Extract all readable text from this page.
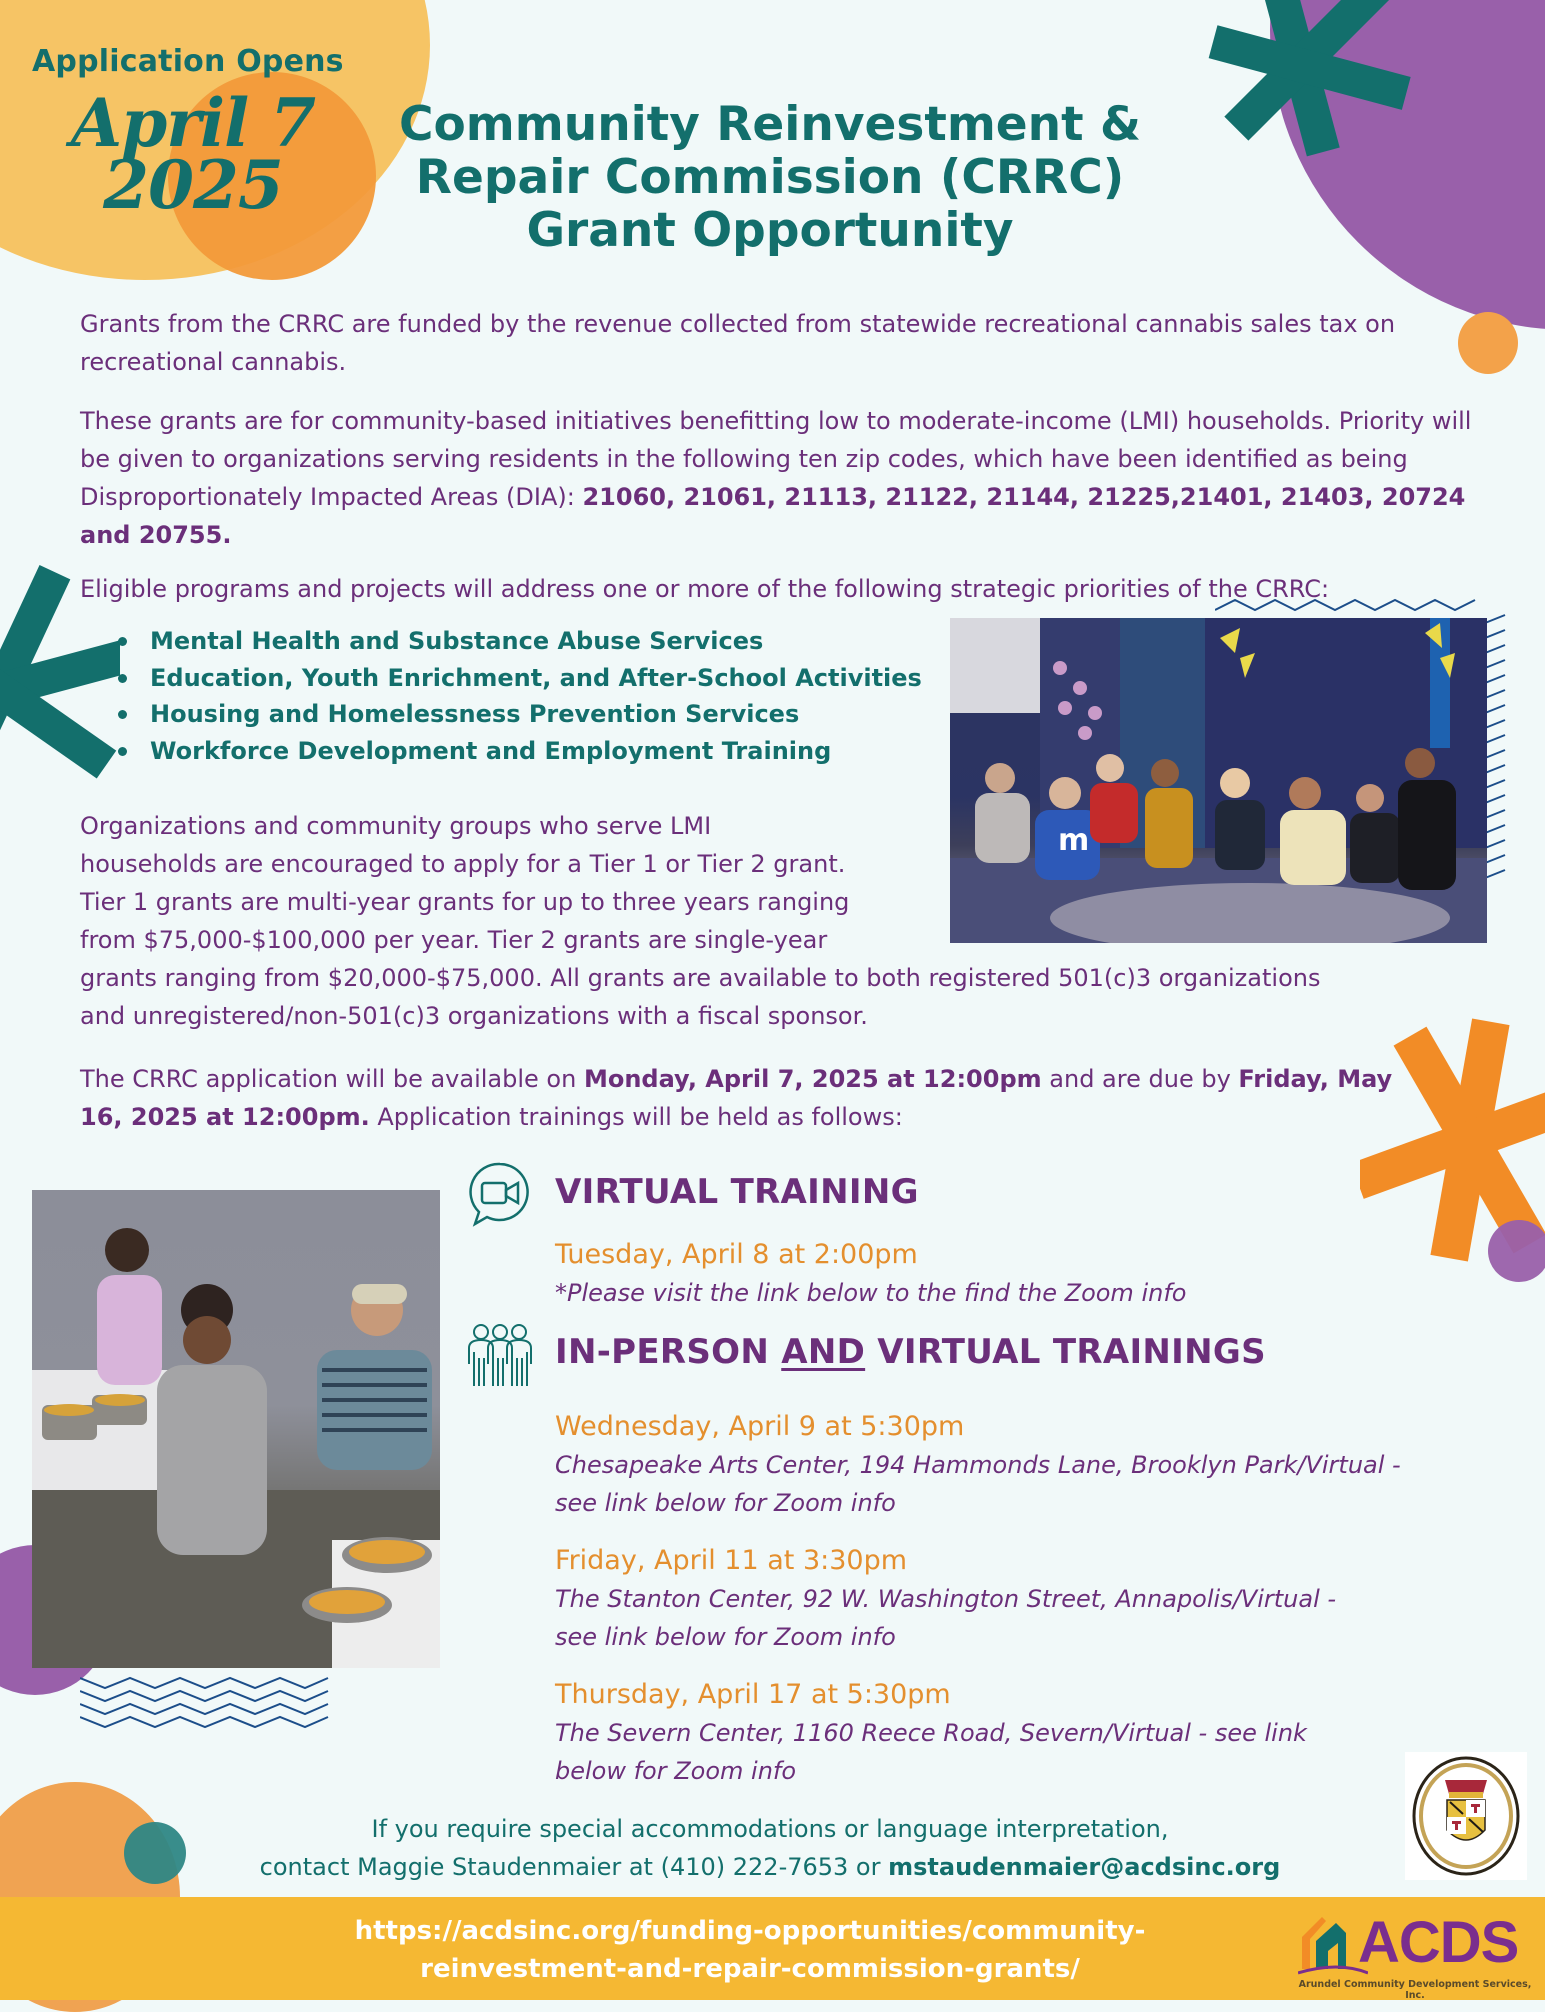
Application Opens
April 7
2025
Community Reinvestment &
Repair Commission (CRRC)
Grant Opportunity

Grants from the CRRC are funded by the revenue collected from statewide recreational cannabis sales tax on recreational cannabis.

These grants are for community-based initiatives benefitting low to moderate-income (LMI) households. Priority will be given to organizations serving residents in the following ten zip codes, which have been identified as being Disproportionately Impacted Areas (DIA): 21060, 21061, 21113, 21122, 21144, 21225,21401, 21403, 20724 and 20755.

Eligible programs and projects will address one or more of the following strategic priorities of the CRRC:

Mental Health and Substance Abuse Services
Education, Youth Enrichment, and After-School Activities
Housing and Homelessness Prevention Services
Workforce Development and Employment Training
m

Organizations and community groups who serve LMI
households are encouraged to apply for a Tier 1 or Tier 2 grant.
Tier 1 grants are multi-year grants for up to three years ranging
from $75,000-$100,000 per year. Tier 2 grants are single-year
grants ranging from $20,000-$75,000. All grants are available to both registered 501(c)3 organizations
and unregistered/non-501(c)3 organizations with a fiscal sponsor.

The CRRC application will be available on Monday, April 7, 2025 at 12:00pm and are due by Friday, May 16, 2025 at 12:00pm. Application trainings will be held as follows:

VIRTUAL TRAINING
Tuesday, April 8 at 2:00pm
*Please visit the link below to the find the Zoom info
IN-PERSON AND VIRTUAL TRAININGS
Wednesday, April 9 at 5:30pm
Chesapeake Arts Center, 194 Hammonds Lane, Brooklyn Park/Virtual -
see link below for Zoom info
Friday, April 11 at 3:30pm
The Stanton Center, 92 W. Washington Street, Annapolis/Virtual -
see link below for Zoom info
Thursday, April 17 at 5:30pm
The Severn Center, 1160 Reece Road, Severn/Virtual - see link
below for Zoom info
If you require special accommodations or language interpretation,
contact Maggie Staudenmaier at (410) 222-7653 or mstaudenmaier@acdsinc.org
https://acdsinc.org/funding-opportunities/community-
reinvestment-and-repair-commission-grants/	ACDS
Arundel Community Development Services, Inc.
